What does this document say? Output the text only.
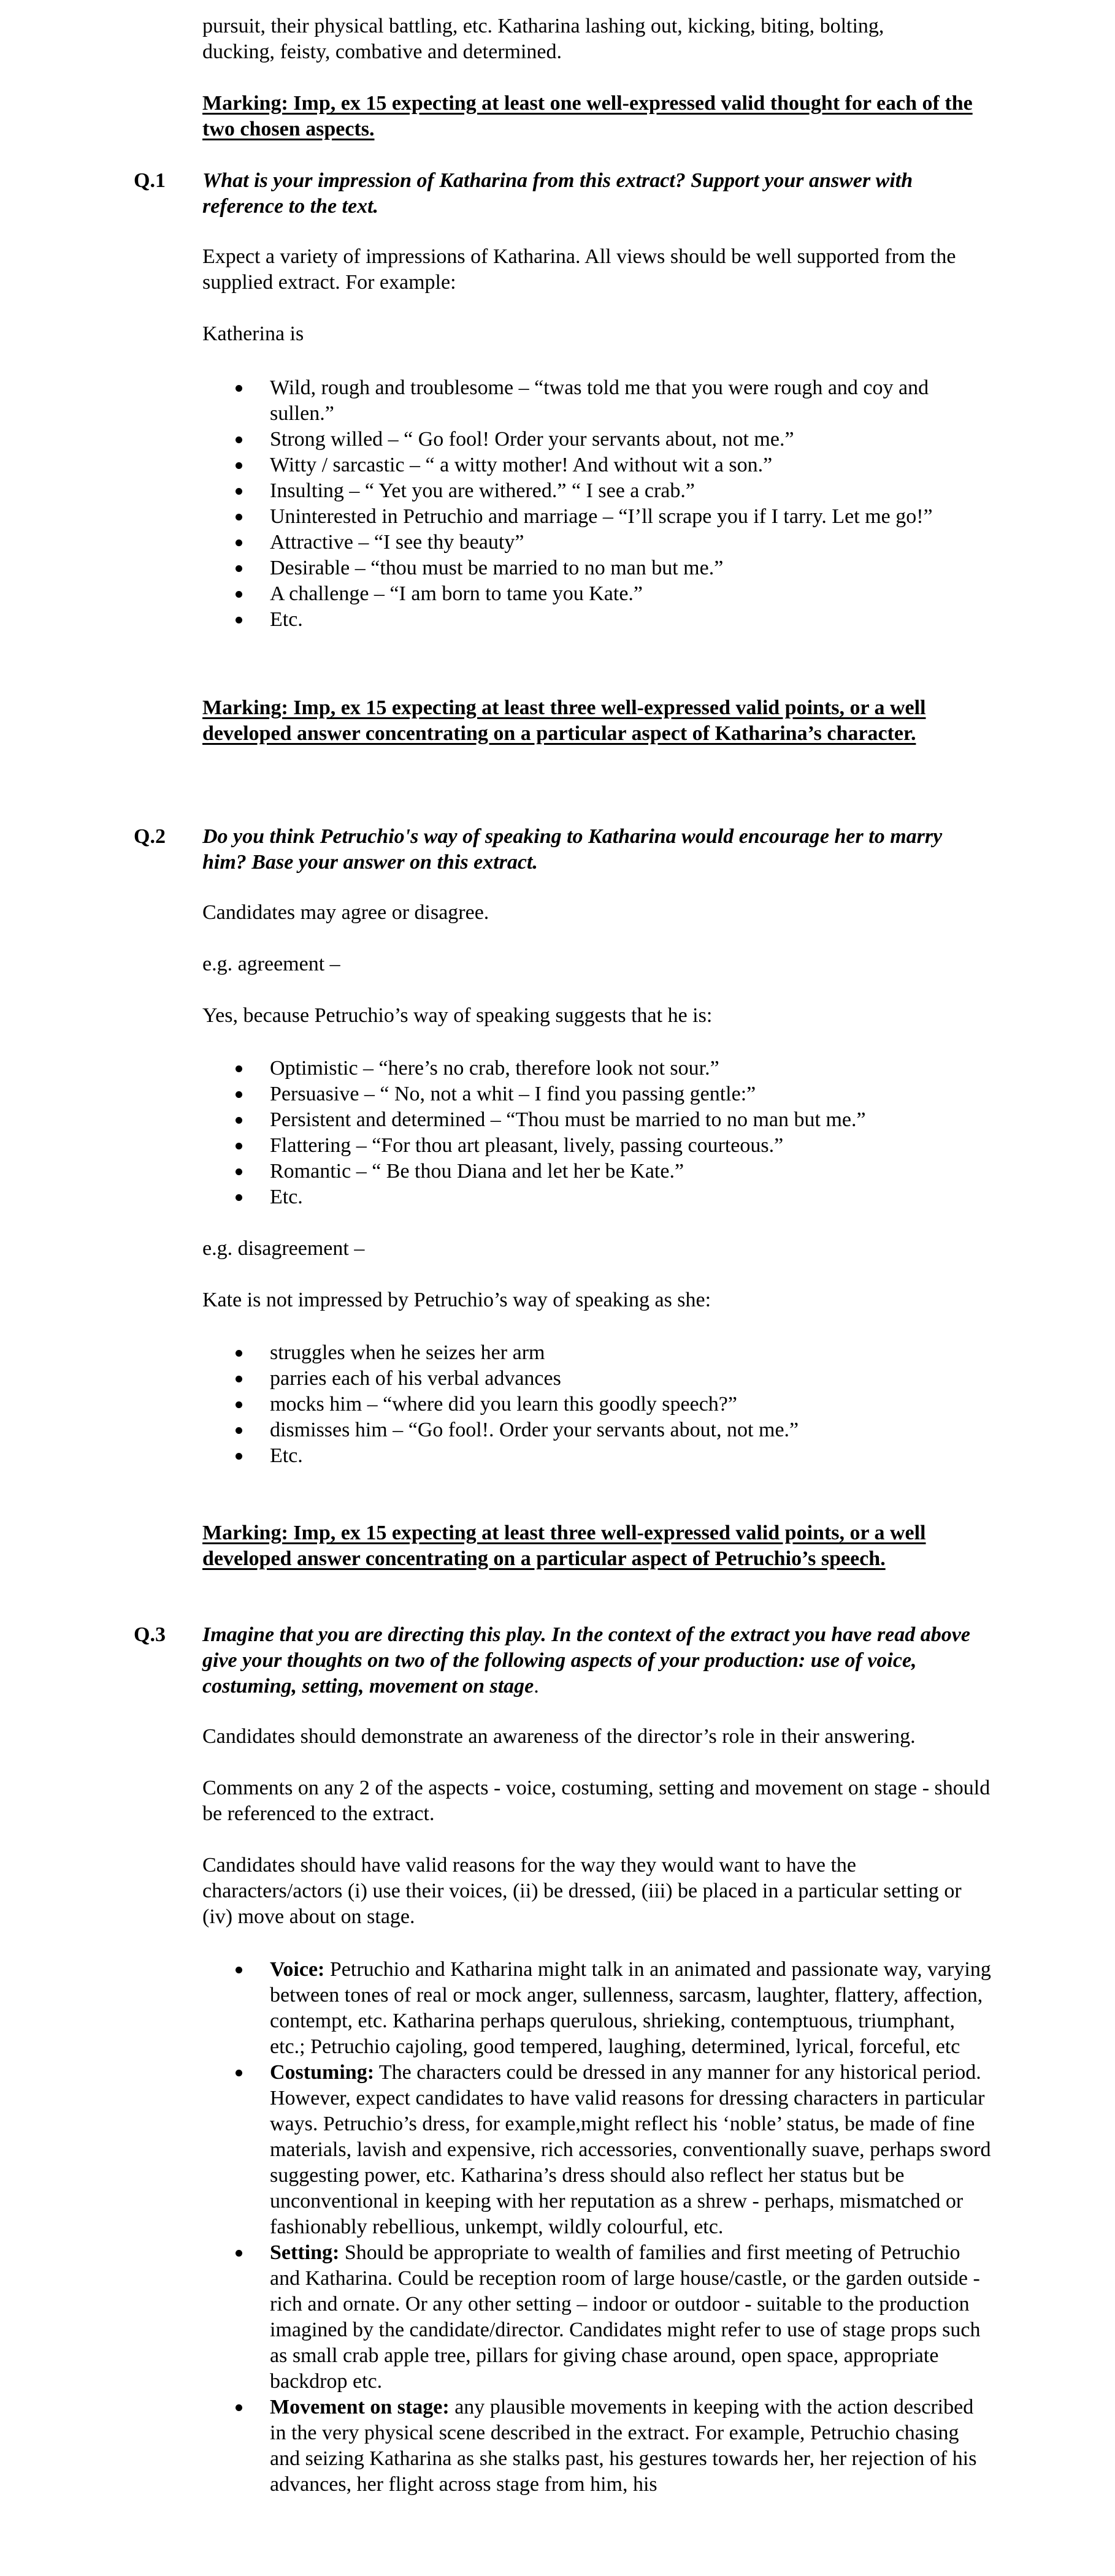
pursuit, their physical battling, etc. Katharina lashing out, kicking, biting, bolting, ducking, feisty, combative and determined.

Marking: Imp, ex 15 expecting at least one well-expressed valid thought for each of the two chosen aspects.

Q.1 What is your impression of Katharina from this extract? Support your answer with reference to the text.

Expect a variety of impressions of Katharina. All views should be well supported from the supplied extract. For example:

Katherina is

Wild, rough and troublesome – “twas told me that you were rough and coy and sullen.”
Strong willed – “ Go fool! Order your servants about, not me.”
Witty / sarcastic – “ a witty mother! And without wit a son.”
Insulting – “ Yet you are withered.” “ I see a crab.”
Uninterested in Petruchio and marriage – “I’ll scrape you if I tarry. Let me go!”
Attractive – “I see thy beauty”
Desirable – “thou must be married to no man but me.”
A challenge – “I am born to tame you Kate.”
Etc.

Marking: Imp, ex 15 expecting at least three well-expressed valid points, or a well developed answer concentrating on a particular aspect of Katharina’s character.

Q.2 Do you think Petruchio's way of speaking to Katharina would encourage her to marry him? Base your answer on this extract.

Candidates may agree or disagree.

e.g. agreement –

Yes, because Petruchio’s way of speaking suggests that he is:

Optimistic – “here’s no crab, therefore look not sour.”
Persuasive – “ No, not a whit – I find you passing gentle:”
Persistent and determined – “Thou must be married to no man but me.”
Flattering – “For thou art pleasant, lively, passing courteous.”
Romantic – “ Be thou Diana and let her be Kate.”
Etc.

e.g. disagreement –

Kate is not impressed by Petruchio’s way of speaking as she:

struggles when he seizes her arm
parries each of his verbal advances
mocks him – “where did you learn this goodly speech?”
dismisses him – “Go fool!. Order your servants about, not me.”
Etc.

Marking: Imp, ex 15 expecting at least three well-expressed valid points, or a well developed answer concentrating on a particular aspect of Petruchio’s speech.

Q.3 Imagine that you are directing this play. In the context of the extract you have read above give your thoughts on two of the following aspects of your production: use of voice, costuming, setting, movement on stage.

Candidates should demonstrate an awareness of the director’s role in their answering.

Comments on any 2 of the aspects - voice, costuming, setting and movement on stage - should be referenced to the extract.

Candidates should have valid reasons for the way they would want to have the characters/actors (i) use their voices, (ii) be dressed, (iii) be placed in a particular setting or (iv) move about on stage.

Voice: Petruchio and Katharina might talk in an animated and passionate way, varying between tones of real or mock anger, sullenness, sarcasm, laughter, flattery, affection, contempt, etc. Katharina perhaps querulous, shrieking, contemptuous, triumphant, etc.; Petruchio cajoling, good tempered, laughing, determined, lyrical, forceful, etc
Costuming: The characters could be dressed in any manner for any historical period. However, expect candidates to have valid reasons for dressing characters in particular ways. Petruchio’s dress, for example,might reflect his ‘noble’ status, be made of fine materials, lavish and expensive, rich accessories, conventionally suave, perhaps sword suggesting power, etc. Katharina’s dress should also reflect her status but be unconventional in keeping with her reputation as a shrew - perhaps, mismatched or fashionably rebellious, unkempt, wildly colourful, etc.
Setting: Should be appropriate to wealth of families and first meeting of Petruchio and Katharina. Could be reception room of large house/castle, or the garden outside - rich and ornate. Or any other setting – indoor or outdoor - suitable to the production imagined by the candidate/director. Candidates might refer to use of stage props such as small crab apple tree, pillars for giving chase around, open space, appropriate backdrop etc.
Movement on stage: any plausible movements in keeping with the action described in the very physical scene described in the extract. For example, Petruchio chasing and seizing Katharina as she stalks past, his gestures towards her, her rejection of his advances, her flight across stage from him, his
